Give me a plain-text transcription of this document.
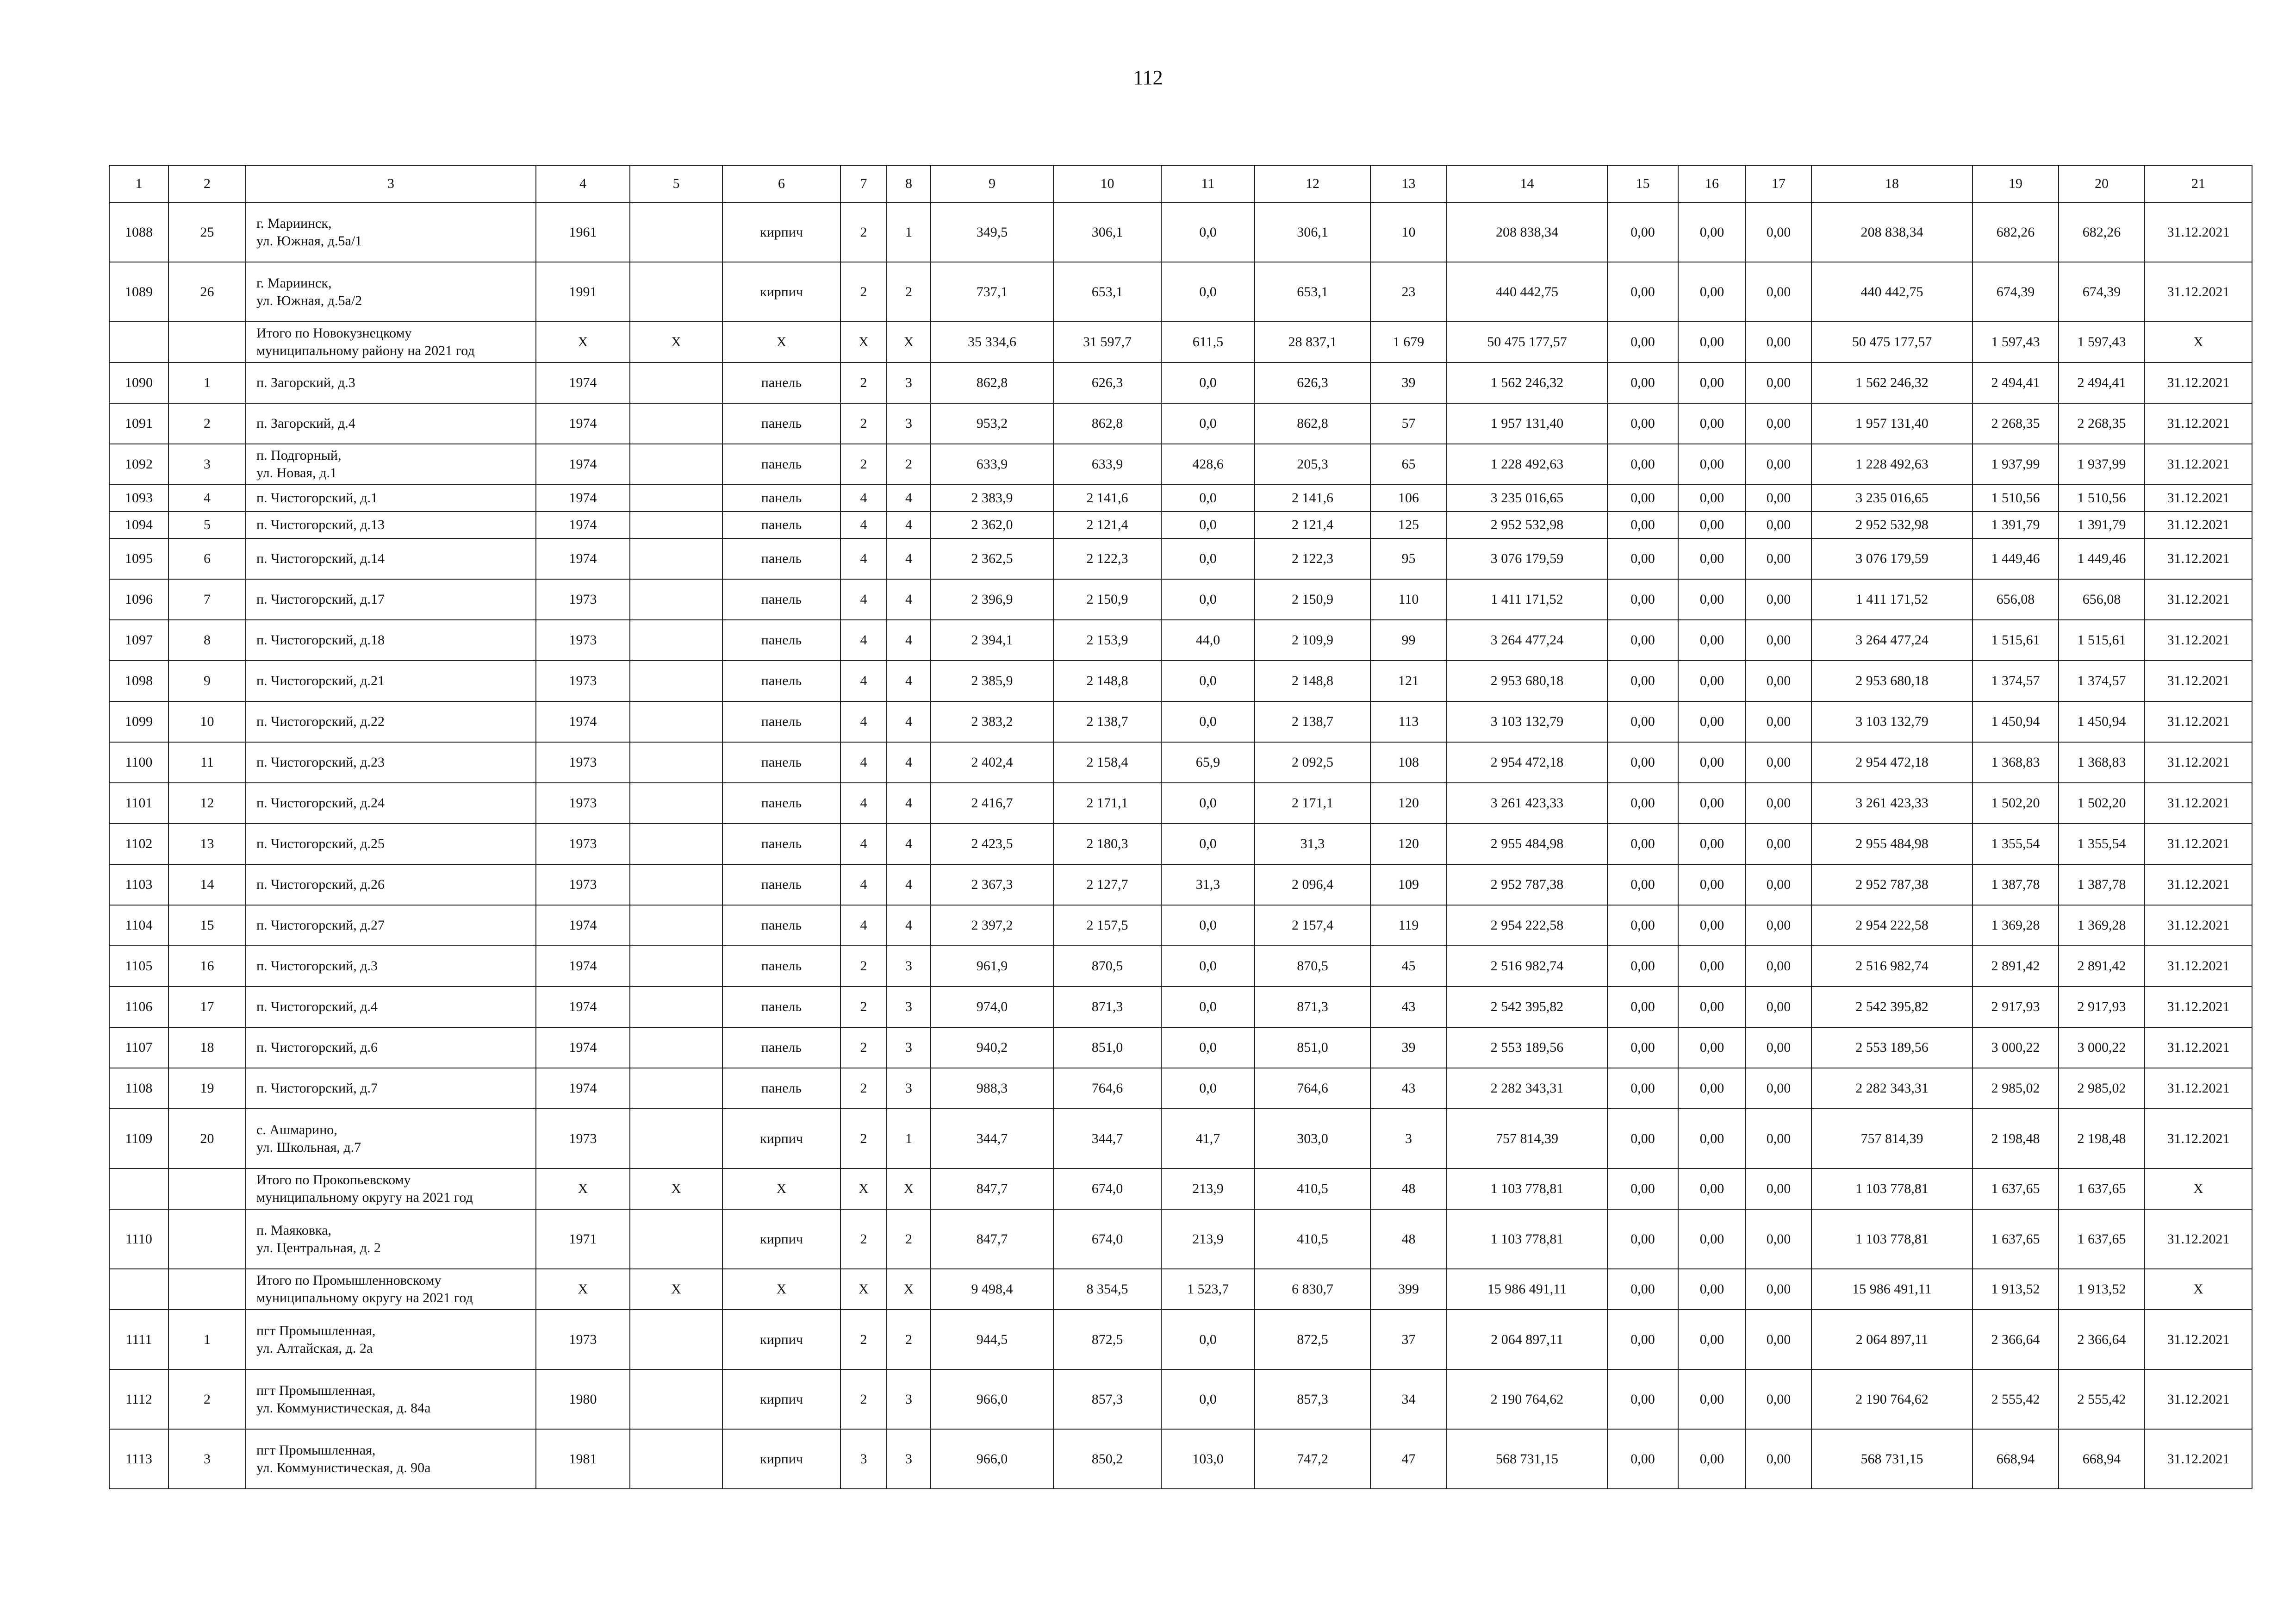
112
1	2	3	4	5	6	7	8	9	10	11	12	13	14	15	16	17	18	19	20	21
1088	25	г. Мариинск,
ул. Южная, д.5а/1	1961		кирпич	2	1	349,5	306,1	0,0	306,1	10	208 838,34	0,00	0,00	0,00	208 838,34	682,26	682,26	31.12.2021
1089	26	г. Мариинск,
ул. Южная, д.5а/2	1991		кирпич	2	2	737,1	653,1	0,0	653,1	23	440 442,75	0,00	0,00	0,00	440 442,75	674,39	674,39	31.12.2021
		Итого по Новокузнецкому
муниципальному району на 2021 год	X	X	X	X	X	35 334,6	31 597,7	611,5	28 837,1	1 679	50 475 177,57	0,00	0,00	0,00	50 475 177,57	1 597,43	1 597,43	X
1090	1	п. Загорский, д.3	1974		панель	2	3	862,8	626,3	0,0	626,3	39	1 562 246,32	0,00	0,00	0,00	1 562 246,32	2 494,41	2 494,41	31.12.2021
1091	2	п. Загорский, д.4	1974		панель	2	3	953,2	862,8	0,0	862,8	57	1 957 131,40	0,00	0,00	0,00	1 957 131,40	2 268,35	2 268,35	31.12.2021
1092	3	п. Подгорный,
ул. Новая, д.1	1974		панель	2	2	633,9	633,9	428,6	205,3	65	1 228 492,63	0,00	0,00	0,00	1 228 492,63	1 937,99	1 937,99	31.12.2021
1093	4	п. Чистогорский, д.1	1974		панель	4	4	2 383,9	2 141,6	0,0	2 141,6	106	3 235 016,65	0,00	0,00	0,00	3 235 016,65	1 510,56	1 510,56	31.12.2021
1094	5	п. Чистогорский, д.13	1974		панель	4	4	2 362,0	2 121,4	0,0	2 121,4	125	2 952 532,98	0,00	0,00	0,00	2 952 532,98	1 391,79	1 391,79	31.12.2021
1095	6	п. Чистогорский, д.14	1974		панель	4	4	2 362,5	2 122,3	0,0	2 122,3	95	3 076 179,59	0,00	0,00	0,00	3 076 179,59	1 449,46	1 449,46	31.12.2021
1096	7	п. Чистогорский, д.17	1973		панель	4	4	2 396,9	2 150,9	0,0	2 150,9	110	1 411 171,52	0,00	0,00	0,00	1 411 171,52	656,08	656,08	31.12.2021
1097	8	п. Чистогорский, д.18	1973		панель	4	4	2 394,1	2 153,9	44,0	2 109,9	99	3 264 477,24	0,00	0,00	0,00	3 264 477,24	1 515,61	1 515,61	31.12.2021
1098	9	п. Чистогорский, д.21	1973		панель	4	4	2 385,9	2 148,8	0,0	2 148,8	121	2 953 680,18	0,00	0,00	0,00	2 953 680,18	1 374,57	1 374,57	31.12.2021
1099	10	п. Чистогорский, д.22	1974		панель	4	4	2 383,2	2 138,7	0,0	2 138,7	113	3 103 132,79	0,00	0,00	0,00	3 103 132,79	1 450,94	1 450,94	31.12.2021
1100	11	п. Чистогорский, д.23	1973		панель	4	4	2 402,4	2 158,4	65,9	2 092,5	108	2 954 472,18	0,00	0,00	0,00	2 954 472,18	1 368,83	1 368,83	31.12.2021
1101	12	п. Чистогорский, д.24	1973		панель	4	4	2 416,7	2 171,1	0,0	2 171,1	120	3 261 423,33	0,00	0,00	0,00	3 261 423,33	1 502,20	1 502,20	31.12.2021
1102	13	п. Чистогорский, д.25	1973		панель	4	4	2 423,5	2 180,3	0,0	31,3	120	2 955 484,98	0,00	0,00	0,00	2 955 484,98	1 355,54	1 355,54	31.12.2021
1103	14	п. Чистогорский, д.26	1973		панель	4	4	2 367,3	2 127,7	31,3	2 096,4	109	2 952 787,38	0,00	0,00	0,00	2 952 787,38	1 387,78	1 387,78	31.12.2021
1104	15	п. Чистогорский, д.27	1974		панель	4	4	2 397,2	2 157,5	0,0	2 157,4	119	2 954 222,58	0,00	0,00	0,00	2 954 222,58	1 369,28	1 369,28	31.12.2021
1105	16	п. Чистогорский, д.3	1974		панель	2	3	961,9	870,5	0,0	870,5	45	2 516 982,74	0,00	0,00	0,00	2 516 982,74	2 891,42	2 891,42	31.12.2021
1106	17	п. Чистогорский, д.4	1974		панель	2	3	974,0	871,3	0,0	871,3	43	2 542 395,82	0,00	0,00	0,00	2 542 395,82	2 917,93	2 917,93	31.12.2021
1107	18	п. Чистогорский, д.6	1974		панель	2	3	940,2	851,0	0,0	851,0	39	2 553 189,56	0,00	0,00	0,00	2 553 189,56	3 000,22	3 000,22	31.12.2021
1108	19	п. Чистогорский, д.7	1974		панель	2	3	988,3	764,6	0,0	764,6	43	2 282 343,31	0,00	0,00	0,00	2 282 343,31	2 985,02	2 985,02	31.12.2021
1109	20	с. Ашмарино,
ул. Школьная, д.7	1973		кирпич	2	1	344,7	344,7	41,7	303,0	3	757 814,39	0,00	0,00	0,00	757 814,39	2 198,48	2 198,48	31.12.2021
		Итого по Прокопьевскому
муниципальному округу на 2021 год	X	X	X	X	X	847,7	674,0	213,9	410,5	48	1 103 778,81	0,00	0,00	0,00	1 103 778,81	1 637,65	1 637,65	X
1110		п. Маяковка,
ул. Центральная, д. 2	1971		кирпич	2	2	847,7	674,0	213,9	410,5	48	1 103 778,81	0,00	0,00	0,00	1 103 778,81	1 637,65	1 637,65	31.12.2021
		Итого по Промышленновскому
муниципальному округу на 2021 год	X	X	X	X	X	9 498,4	8 354,5	1 523,7	6 830,7	399	15 986 491,11	0,00	0,00	0,00	15 986 491,11	1 913,52	1 913,52	X
1111	1	пгт Промышленная,
ул. Алтайская, д. 2а	1973		кирпич	2	2	944,5	872,5	0,0	872,5	37	2 064 897,11	0,00	0,00	0,00	2 064 897,11	2 366,64	2 366,64	31.12.2021
1112	2	пгт Промышленная,
ул. Коммунистическая, д. 84а	1980		кирпич	2	3	966,0	857,3	0,0	857,3	34	2 190 764,62	0,00	0,00	0,00	2 190 764,62	2 555,42	2 555,42	31.12.2021
1113	3	пгт Промышленная,
ул. Коммунистическая, д. 90а	1981		кирпич	3	3	966,0	850,2	103,0	747,2	47	568 731,15	0,00	0,00	0,00	568 731,15	668,94	668,94	31.12.2021
